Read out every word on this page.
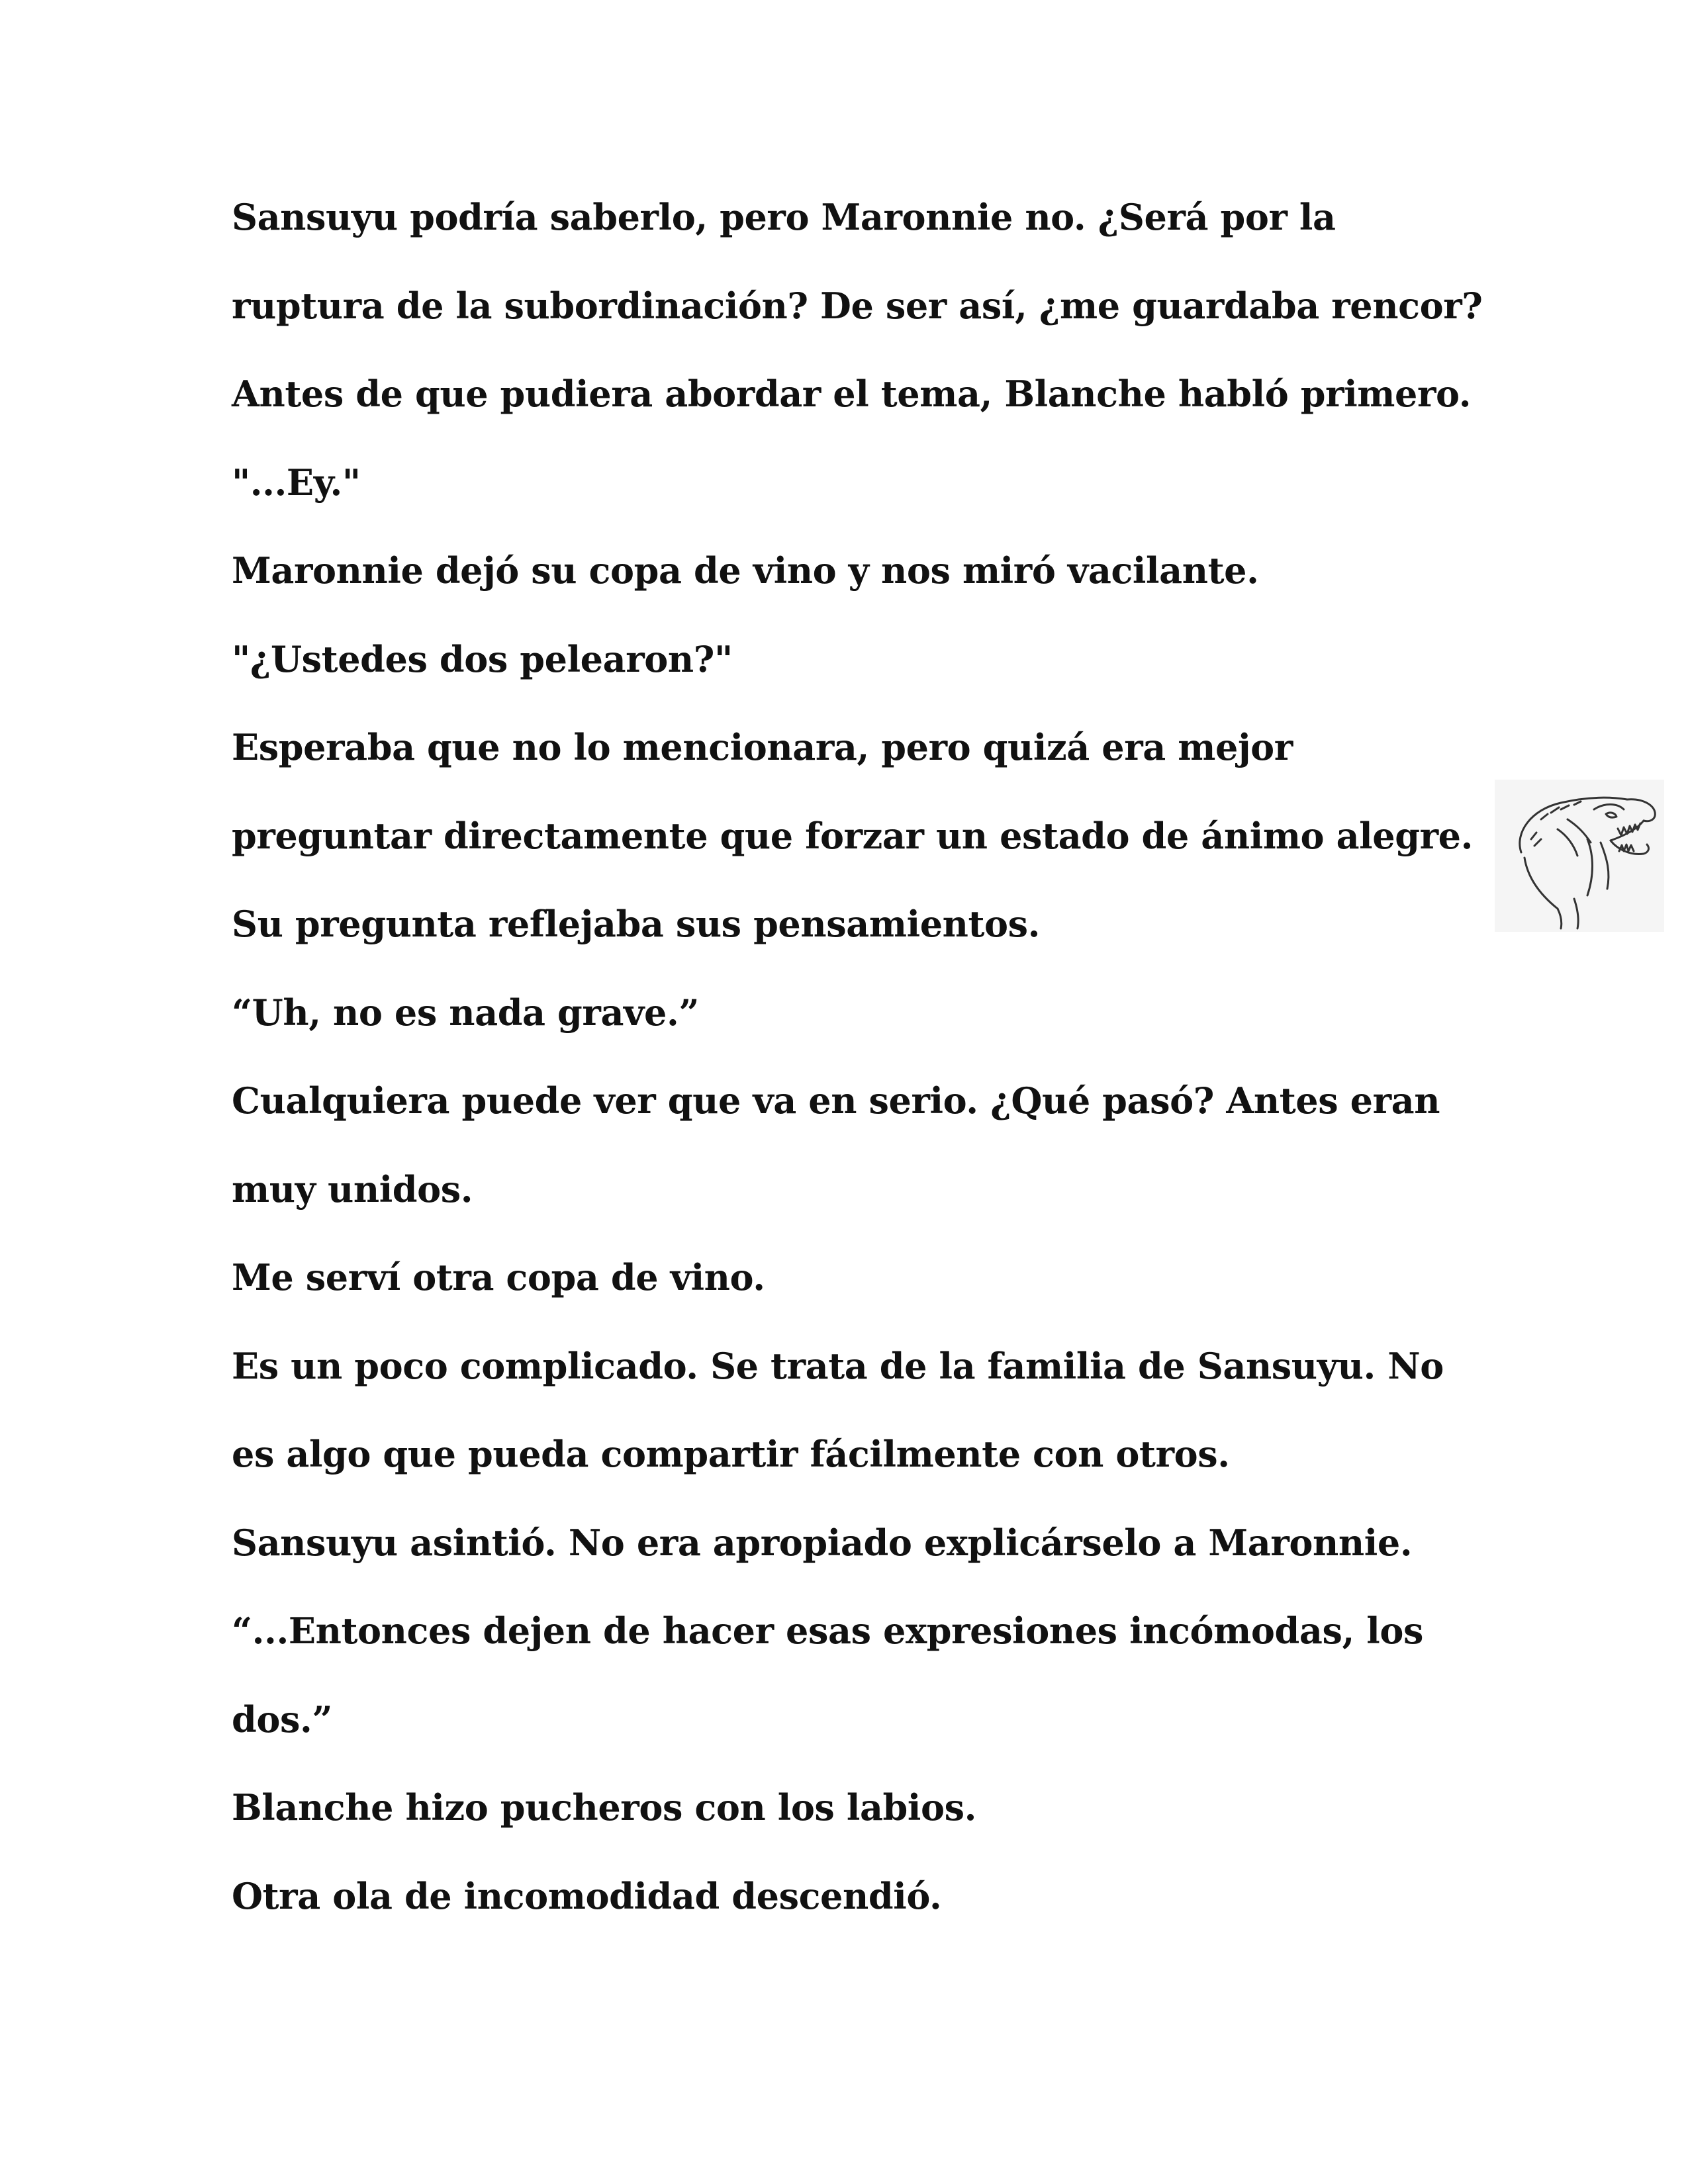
Sansuyu podría saberlo, pero Maronnie no. ¿Será por la

ruptura de la subordinación? De ser así, ¿me guardaba rencor?

Antes de que pudiera abordar el tema, Blanche habló primero.

"...Ey."

Maronnie dejó su copa de vino y nos miró vacilante.

"¿Ustedes dos pelearon?"

Esperaba que no lo mencionara, pero quizá era mejor

preguntar directamente que forzar un estado de ánimo alegre.

Su pregunta reflejaba sus pensamientos.

“Uh, no es nada grave.”

Cualquiera puede ver que va en serio. ¿Qué pasó? Antes eran

muy unidos.

Me serví otra copa de vino.

Es un poco complicado. Se trata de la familia de Sansuyu. No

es algo que pueda compartir fácilmente con otros.

Sansuyu asintió. No era apropiado explicárselo a Maronnie.

“...Entonces dejen de hacer esas expresiones incómodas, los

dos.”

Blanche hizo pucheros con los labios.

Otra ola de incomodidad descendió.
